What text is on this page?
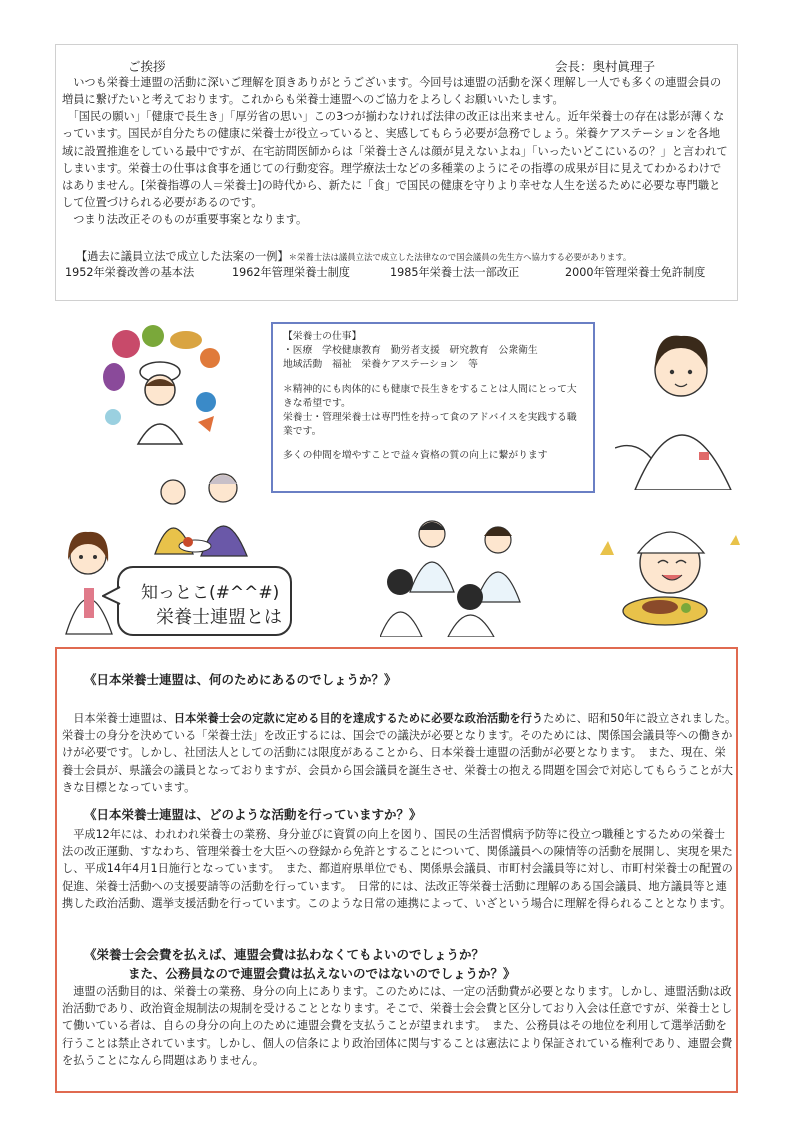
ご挨拶	会長：奥村眞理子

　いつも栄養士連盟の活動に深いご理解を頂きありがとうございます。今回号は連盟の活動を深く理解し一人でも多くの連盟会員の増員に繋げたいと考えております。これからも栄養士連盟へのご協力をよろしくお願いいたします。

　「国民の願い」「健康で長生き」「厚労省の思い」この3つが揃わなければ法律の改正は出来ません。近年栄養士の存在は影が薄くなっています。国民が自分たちの健康に栄養士が役立っていると、実感してもらう必要が急務でしょう。栄養ケアステーションを各地域に設置推進をしている最中ですが、在宅訪問医師からは「栄養士さんは顔が見えないよね」「いったいどこにいるの？」と言われてしまいます。栄養士の仕事は食事を通じての行動変容。理学療法士などの多種業のようにその指導の成果が目に見えてわかるわけではありません。[栄養指導の人＝栄養士]の時代から、新たに「食」で国民の健康を守りより幸せな人生を送るために必要な専門職として位置づけられる必要があるのです。

　つまり法改正そのものが重要事案となります。

【過去に議員立法で成立した法案の一例】＊栄養士法は議員立法で成立した法律なので国会議員の先生方へ協力する必要があります。
1952年栄養改善の基本法	1962年管理栄養士制度	1985年栄養士法一部改正	2000年管理栄養士免許制度
知っとこ(#^^#)
栄養士連盟とは

【栄養士の仕事】

・医療　学校健康教育　勤労者支援　研究教育　公衆衛生

地域活動　福祉　栄養ケアステーション　等

＊精神的にも肉体的にも健康で長生きをすることは人間にとって大きな希望です。

栄養士・管理栄養士は専門性を持って食のアドバイスを実践する職業です。

多くの仲間を増やすことで益々資格の質の向上に繋がります

《日本栄養士連盟は、何のためにあるのでしょうか？》

　日本栄養士連盟は、日本栄養士会の定款に定める目的を達成するために必要な政治活動を行うために、昭和50年に設立されました。　栄養士の身分を決めている「栄養士法」を改正するには、国会での議決が必要となります。そのためには、関係国会議員等への働きかけが必要です。しかし、社団法人としての活動には限度があることから、日本栄養士連盟の活動が必要となります。　また、現在、栄養士会員が、県議会の議員となっておりますが、会員から国会議員を誕生させ、栄養士の抱える問題を国会で対応してもらうことが大きな目標となっています。

《日本栄養士連盟は、どのような活動を行っていますか？》

　平成12年には、われわれ栄養士の業務、身分並びに資質の向上を図り、国民の生活習慣病予防等に役立つ職種とするための栄養士法の改正運動、すなわち、管理栄養士を大臣への登録から免許とすることについて、関係議員への陳情等の活動を展開し、実現を果たし、平成14年4月1日施行となっています。　また、都道府県単位でも、関係県会議員、市町村会議員等に対し、市町村栄養士の配置の促進、栄養士活動への支援要請等の活動を行っています。　日常的には、法改正等栄養士活動に理解のある国会議員、地方議員等と連携した政治活動、選挙支援活動を行っています。このような日常の連携によって、いざという場合に理解を得られることとなります。

《栄養士会会費を払えば、連盟会費は払わなくてもよいのでしょうか？
また、公務員なので連盟会費は払えないのではないのでしょうか？》

　連盟の活動目的は、栄養士の業務、身分の向上にあります。このためには、一定の活動費が必要となります。しかし、連盟活動は政治活動であり、政治資金規制法の規制を受けることとなります。そこで、栄養士会会費と区分しており入会は任意ですが、栄養士として働いている者は、自らの身分の向上のために連盟会費を支払うことが望まれます。　また、公務員はその地位を利用して選挙活動を行うことは禁止されています。しかし、個人の信条により政治団体に関与することは憲法により保証されている権利であり、連盟会費を払うことになんら問題はありません。
